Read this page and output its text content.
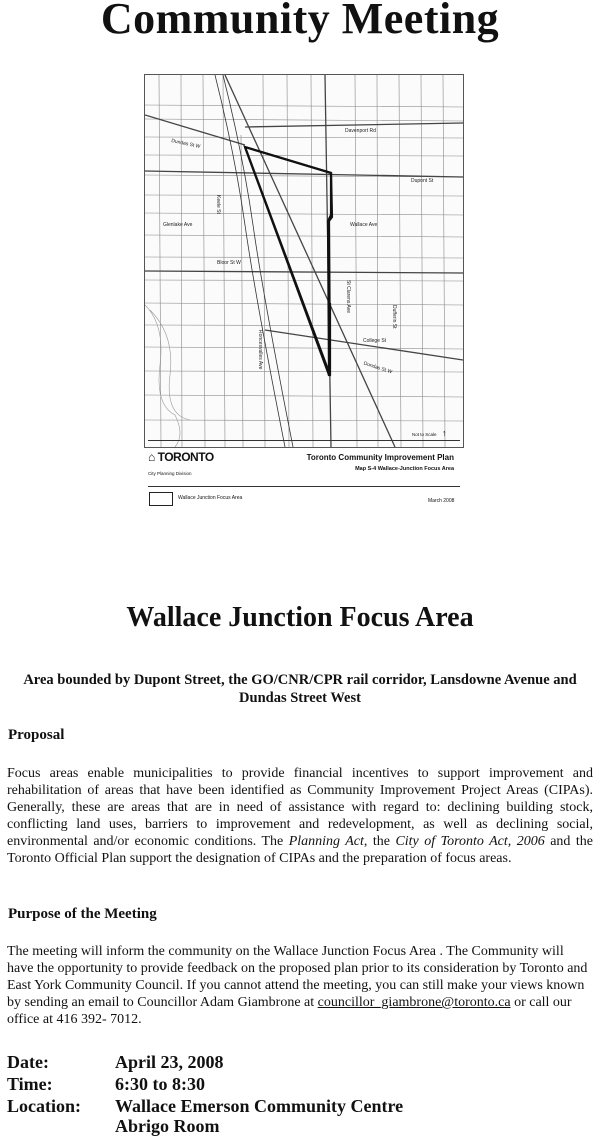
Community Meeting
Davenport Rd
Dundas St W
Dupont St
Keele St
Glenlake Ave	Wallace Ave
Bloor St W
St Clarens Ave
Dufferin St
Roncesvalles Ave	College St
Dundas St W
Not to Scale ↑
⌂ TORONTO
City Planning Division
Toronto Community Improvement Plan
Map S-4 Wallace-Junction Focus Area
Wallace Junction Focus Area	March 2008
Wallace Junction Focus Area
Area bounded by Dupont Street, the GO/CNR/CPR rail corridor, Lansdowne Avenue and Dundas Street West
Proposal
Focus areas enable municipalities to provide financial incentives to support improvement and rehabilitation of areas that have been identified as Community Improvement Project Areas (CIPAs). Generally, these are areas that are in need of assistance with regard to: declining building stock, conflicting land uses, barriers to improvement and redevelopment, as well as declining social, environmental and/or economic conditions. The Planning Act, the City of Toronto Act, 2006 and the Toronto Official Plan support the designation of CIPAs and the preparation of focus areas.
Purpose of the Meeting
The meeting will inform the community on the Wallace Junction Focus Area . The Community will have the opportunity to provide feedback on the proposed plan prior to its consideration by Toronto and East York Community Council. If you cannot attend the meeting, you can still make your views known by sending an email to Councillor Adam Giambrone at councillor_giambrone@toronto.ca or call our office at 416 392- 7012.
Date:	April 23, 2008
Time:	6:30 to 8:30
Location:	Wallace Emerson Community Centre
Abrigo Room
